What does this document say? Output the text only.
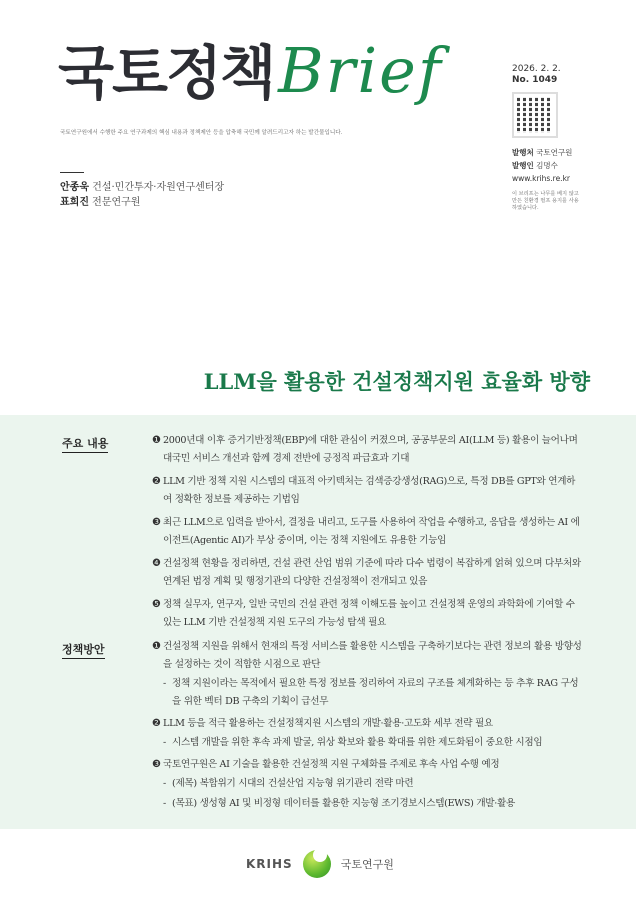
국토정책 Brief
국토연구원에서 수행한 주요 연구과제의 핵심 내용과 정책제안 등을 압축해 국민께 알려드리고자 하는 발간물입니다.
안종욱 건설·민간투자·자원연구센터장
표희진 전문연구원
2026. 2. 2.
No. 1049
발행처 국토연구원
발행인 김명수
www.krihs.re.kr
이 브리프는 나무를 베지 않고 만든 친환경 펄프 용지를 사용하였습니다.
LLM을 활용한 건설정책지원 효율화 방향
주요 내용	❶ 2000년대 이후 증거기반정책(EBP)에 대한 관심이 커졌으며, 공공부문의 AI(LLM 등) 활용이 늘어나며 대국민 서비스 개선과 함께 경제 전반에 긍정적 파급효과 기대
❷ LLM 기반 정책 지원 시스템의 대표적 아키텍처는 검색증강생성(RAG)으로, 특정 DB를 GPT와 연계하여 정확한 정보를 제공하는 기법임
❸ 최근 LLM으로 입력을 받아서, 결정을 내리고, 도구를 사용하여 작업을 수행하고, 응답을 생성하는 AI 에이전트(Agentic AI)가 부상 중이며, 이는 정책 지원에도 유용한 기능임
❹ 건설정책 현황을 정리하면, 건설 관련 산업 범위 기준에 따라 다수 법령이 복잡하게 얽혀 있으며 다부처와 연계된 법정 계획 및 행정기관의 다양한 건설정책이 전개되고 있음
❺ 정책 실무자, 연구자, 일반 국민의 건설 관련 정책 이해도를 높이고 건설정책 운영의 과학화에 기여할 수 있는 LLM 기반 건설정책 지원 도구의 가능성 탐색 필요
정책방안	❶ 건설정책 지원을 위해서 현재의 특정 서비스를 활용한 시스템을 구축하기보다는 관련 정보의 활용 방향성을 설정하는 것이 적합한 시점으로 판단
- 정책 지원이라는 목적에서 필요한 특정 정보를 정리하여 자료의 구조를 체계화하는 등 추후 RAG 구성을 위한 벡터 DB 구축의 기획이 급선무
❷ LLM 등을 적극 활용하는 건설정책지원 시스템의 개발·활용·고도화 세부 전략 필요
- 시스템 개발을 위한 후속 과제 발굴, 위상 확보와 활용 확대를 위한 제도화됨이 중요한 시점임
❸ 국토연구원은 AI 기술을 활용한 건설정책 지원 구체화를 주제로 후속 사업 수행 예정
- (제목) 복합위기 시대의 건설산업 지능형 위기관리 전략 마련
- (목표) 생성형 AI 및 비정형 데이터를 활용한 지능형 조기경보시스템(EWS) 개발·활용
KRIHS	국토연구원
